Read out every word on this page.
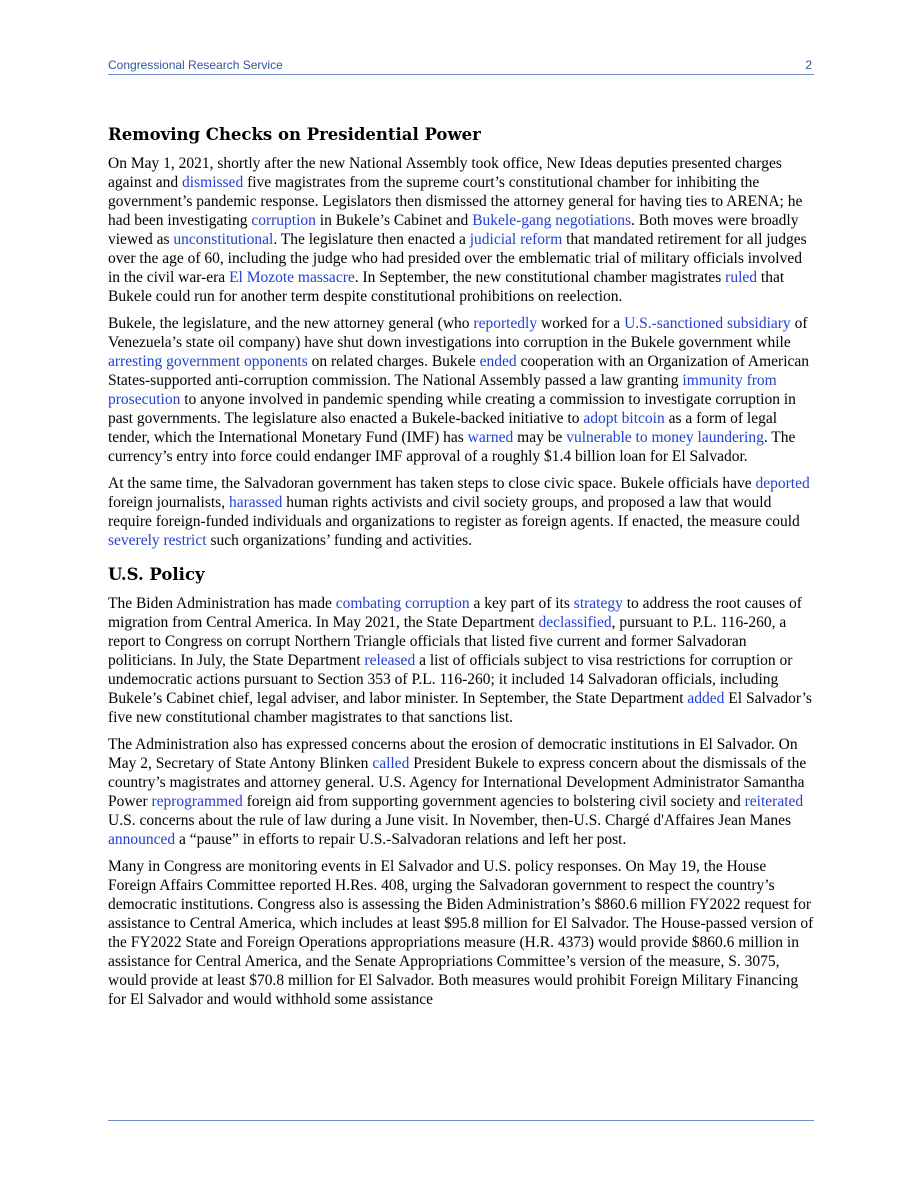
Congressional Research Service	2
Removing Checks on Presidential Power

On May 1, 2021, shortly after the new National Assembly took office, New Ideas deputies presented charges against and dismissed five magistrates from the supreme court’s constitutional chamber for inhibiting the government’s pandemic response. Legislators then dismissed the attorney general for having ties to ARENA; he had been investigating corruption in Bukele’s Cabinet and Bukele-gang negotiations. Both moves were broadly viewed as unconstitutional. The legislature then enacted a judicial reform that mandated retirement for all judges over the age of 60, including the judge who had presided over the emblematic trial of military officials involved in the civil war-era El Mozote massacre. In September, the new constitutional chamber magistrates ruled that Bukele could run for another term despite constitutional prohibitions on reelection.

Bukele, the legislature, and the new attorney general (who reportedly worked for a U.S.-sanctioned subsidiary of Venezuela’s state oil company) have shut down investigations into corruption in the Bukele government while arresting government opponents on related charges. Bukele ended cooperation with an Organization of American States-supported anti-corruption commission. The National Assembly passed a law granting immunity from prosecution to anyone involved in pandemic spending while creating a commission to investigate corruption in past governments. The legislature also enacted a Bukele-backed initiative to adopt bitcoin as a form of legal tender, which the International Monetary Fund (IMF) has warned may be vulnerable to money laundering. The currency’s entry into force could endanger IMF approval of a roughly $1.4 billion loan for El Salvador.

At the same time, the Salvadoran government has taken steps to close civic space. Bukele officials have deported foreign journalists, harassed human rights activists and civil society groups, and proposed a law that would require foreign-funded individuals and organizations to register as foreign agents. If enacted, the measure could severely restrict such organizations’ funding and activities.

U.S. Policy

The Biden Administration has made combating corruption a key part of its strategy to address the root causes of migration from Central America. In May 2021, the State Department declassified, pursuant to P.L. 116-260, a report to Congress on corrupt Northern Triangle officials that listed five current and former Salvadoran politicians. In July, the State Department released a list of officials subject to visa restrictions for corruption or undemocratic actions pursuant to Section 353 of P.L. 116-260; it included 14 Salvadoran officials, including Bukele’s Cabinet chief, legal adviser, and labor minister. In September, the State Department added El Salvador’s five new constitutional chamber magistrates to that sanctions list.

The Administration also has expressed concerns about the erosion of democratic institutions in El Salvador. On May 2, Secretary of State Antony Blinken called President Bukele to express concern about the dismissals of the country’s magistrates and attorney general. U.S. Agency for International Development Administrator Samantha Power reprogrammed foreign aid from supporting government agencies to bolstering civil society and reiterated U.S. concerns about the rule of law during a June visit. In November, then-U.S. Chargé d'Affaires Jean Manes announced a “pause” in efforts to repair U.S.-Salvadoran relations and left her post.

Many in Congress are monitoring events in El Salvador and U.S. policy responses. On May 19, the House Foreign Affairs Committee reported H.Res. 408, urging the Salvadoran government to respect the country’s democratic institutions. Congress also is assessing the Biden Administration’s $860.6 million FY2022 request for assistance to Central America, which includes at least $95.8 million for El Salvador. The House-passed version of the FY2022 State and Foreign Operations appropriations measure (H.R. 4373) would provide $860.6 million in assistance for Central America, and the Senate Appropriations Committee’s version of the measure, S. 3075, would provide at least $70.8 million for El Salvador. Both measures would prohibit Foreign Military Financing for El Salvador and would withhold some assistance
